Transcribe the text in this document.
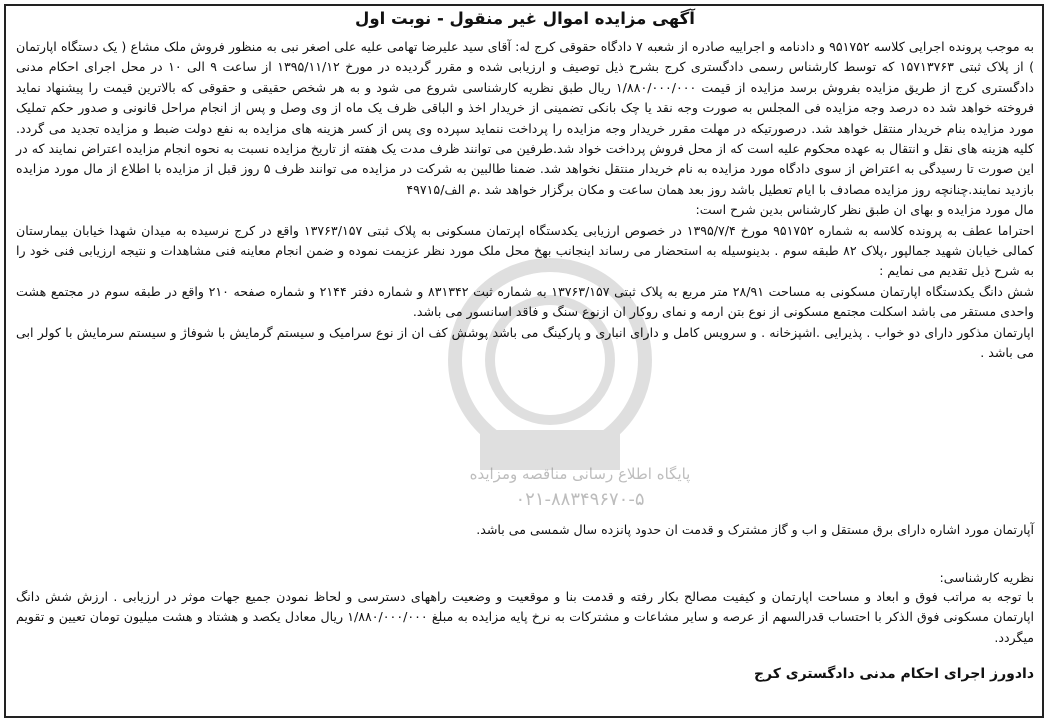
پایگاه اطلاع رسانی مناقصه ومزایده
۰۲۱-۸۸۳۴۹۶۷۰-۵
آگهی مزایده اموال غیر منقول - نوبت اول
به موجب پرونده اجرایی کلاسه ۹۵۱۷۵۲ و دادنامه و اجراییه صادره از شعبه ۷ دادگاه حقوقی کرج له: آقای سید علیرضا تهامی علیه علی اصغر نبی به منظور فروش ملک مشاع ( یک دستگاه اپارتمان ) از پلاک ثبتی ۱۵۷۱۳۷۶۳ که توسط کارشناس رسمی دادگستری کرج بشرح ذیل توصیف و ارزیابی شده و مقرر گردیده در مورخ ۱۳۹۵/۱۱/۱۲ از ساعت ۹ الی ۱۰ در محل اجرای احکام مدنی دادگستری کرج از طریق مزایده بفروش برسد مزایده از قیمت ۱/۸۸۰/۰۰۰/۰۰۰ ریال طبق نظریه کارشناسی شروع می شود و به هر شخص حقیقی و حقوقی که بالاترین قیمت را پیشنهاد نماید فروخته خواهد شد ده درصد وجه مزایده فی المجلس به صورت وجه نقد یا چک بانکی تضمینی از خریدار اخذ و الباقی ظرف یک ماه از وی وصل و پس از انجام مراحل قانونی و صدور حکم تملیک مورد مزایده بنام خریدار منتقل خواهد شد. درصورتیکه در مهلت مقرر خریدار وجه مزایده را پرداخت ننماید سپرده وی پس از کسر هزینه های مزایده به نفع دولت ضبط و مزایده تجدید می گردد. کلیه هزینه های نقل و انتقال به عهده محکوم علیه است که از محل فروش پرداخت خواد شد.طرفین می توانند ظرف مدت یک هفته از تاریخ مزایده نسبت به نحوه انجام مزایده اعتراض نمایند که در این صورت تا رسیدگی به اعتراض از سوی دادگاه مورد مزایده به نام خریدار منتقل نخواهد شد. ضمنا طالبین به شرکت در مزایده می توانند ظرف ۵ روز قبل از مزایده با اطلاع از مال مورد مزایده بازدید نمایند.چنانچه روز مزایده مصادف با ایام تعطیل باشد روز بعد همان ساعت و مکان برگزار خواهد شد .م الف/۴۹۷۱۵
مال مورد مزایده و بهای ان طبق نظر کارشناس بدین شرح است:
احتراما عطف به پرونده کلاسه به شماره ۹۵۱۷۵۲ مورخ ۱۳۹۵/۷/۴ در خصوص ارزیابی یکدستگاه اپرتمان مسکونی به پلاک ثبتی ۱۳۷۶۳/۱۵۷ واقع در کرج نرسیده به میدان شهدا خیابان بیمارستان کمالی خیابان شهید جمالپور ،پلاک ۸۲ طبقه سوم . بدینوسیله به استحضار می رساند اینجانب بهخ محل ملک مورد نظر عزیمت نموده و ضمن انجام معاینه فنی مشاهدات و نتیجه ارزیابی فنی خود را به شرح ذیل تقدیم می نمایم :
شش دانگ یکدستگاه اپارتمان مسکونی به مساحت ۲۸/۹۱ متر مربع به پلاک ثبتی ۱۳۷۶۳/۱۵۷ به شماره ثبت ۸۳۱۳۴۲ و شماره دفتر ۲۱۴۴ و شماره صفحه ۲۱۰ واقع در طبقه سوم در مجتمع هشت واحدی مستقر می باشد اسکلت مجتمع مسکونی از نوع بتن ارمه و نمای روکار ان ازنوع سنگ و فاقد اسانسور می باشد.
اپارتمان مذکور دارای دو خواب . پذیرایی .اشپزخانه . و سرویس کامل و دارای انباری و پارکینگ می باشد پوشش کف ان از نوع سرامیک و سیستم گرمایش با شوفاژ و سیستم سرمایش با کولر ابی می باشد .
آپارتمان مورد اشاره دارای برق مستقل و اب و گاز مشترک و قدمت ان حدود پانزده سال شمسی می باشد.
نظریه کارشناسی:
با توجه به مراتب فوق و ابعاد و مساحت اپارتمان و کیفیت مصالح بکار رفته و قدمت بنا و موقعیت و وضعیت راههای دسترسی و لحاظ نمودن جمیع جهات موثر در ارزیابی . ارزش شش دانگ اپارتمان مسکونی فوق الذکر با احتساب قدرالسهم از عرصه و سایر مشاعات و مشترکات به نرخ پایه مزایده به مبلغ ۱/۸۸۰/۰۰۰/۰۰۰ ریال معادل یکصد و هشتاد و هشت میلیون تومان تعیین و تقویم میگردد.
دادورز اجرای احکام مدنی دادگستری کرج
